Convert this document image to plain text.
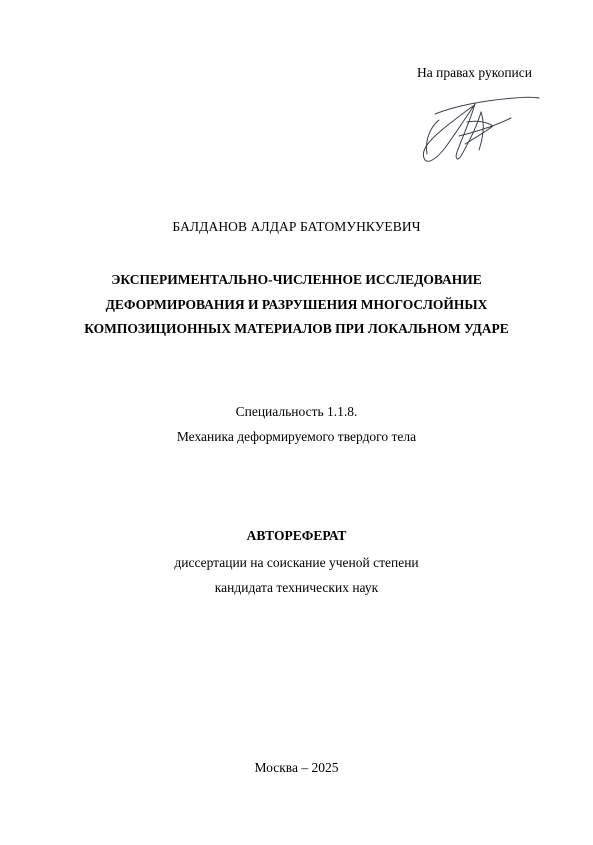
На правах рукописи
БАЛДАНОВ АЛДАР БАТОМУНКУЕВИЧ
ЭКСПЕРИМЕНТАЛЬНО-ЧИСЛЕННОЕ ИССЛЕДОВАНИЕ
ДЕФОРМИРОВАНИЯ И РАЗРУШЕНИЯ МНОГОСЛОЙНЫХ
КОМПОЗИЦИОННЫХ МАТЕРИАЛОВ ПРИ ЛОКАЛЬНОМ УДАРЕ
Специальность 1.1.8.
Механика деформируемого твердого тела
АВТОРЕФЕРАТ
диссертации на соискание ученой степени
кандидата технических наук
Москва – 2025
